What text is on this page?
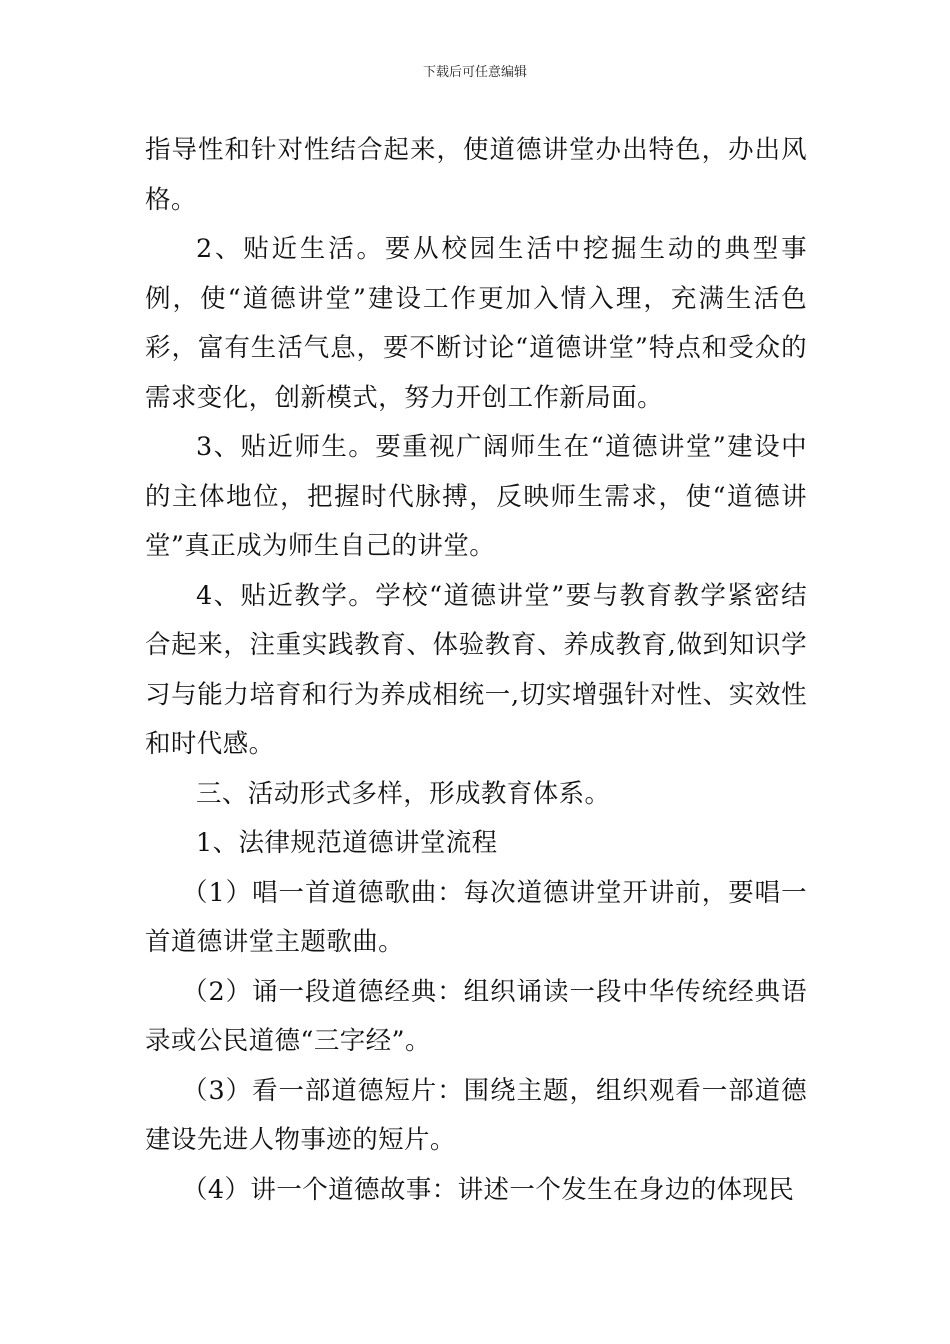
下载后可任意编辑

指导性和针对性结合起来，使道德讲堂办出特色，办出风格。

2、贴近生活。要从校园生活中挖掘生动的典型事例，使“道德讲堂”建设工作更加入情入理，充满生活色彩，富有生活气息，要不断讨论“道德讲堂”特点和受众的需求变化，创新模式，努力开创工作新局面。

3、贴近师生。要重视广阔师生在“道德讲堂”建设中的主体地位，把握时代脉搏，反映师生需求，使“道德讲堂”真正成为师生自己的讲堂。

4、贴近教学。学校“道德讲堂”要与教育教学紧密结合起来，注重实践教育、体验教育、养成教育,做到知识学习与能力培育和行为养成相统一,切实增强针对性、实效性和时代感。

三、活动形式多样，形成教育体系。

1、法律规范道德讲堂流程

（1）唱一首道德歌曲：每次道德讲堂开讲前，要唱一首道德讲堂主题歌曲。

（2）诵一段道德经典：组织诵读一段中华传统经典语录或公民道德“三字经”。

（3）看一部道德短片：围绕主题，组织观看一部道德建设先进人物事迹的短片。

（4）讲一个道德故事：讲述一个发生在身边的体现民
